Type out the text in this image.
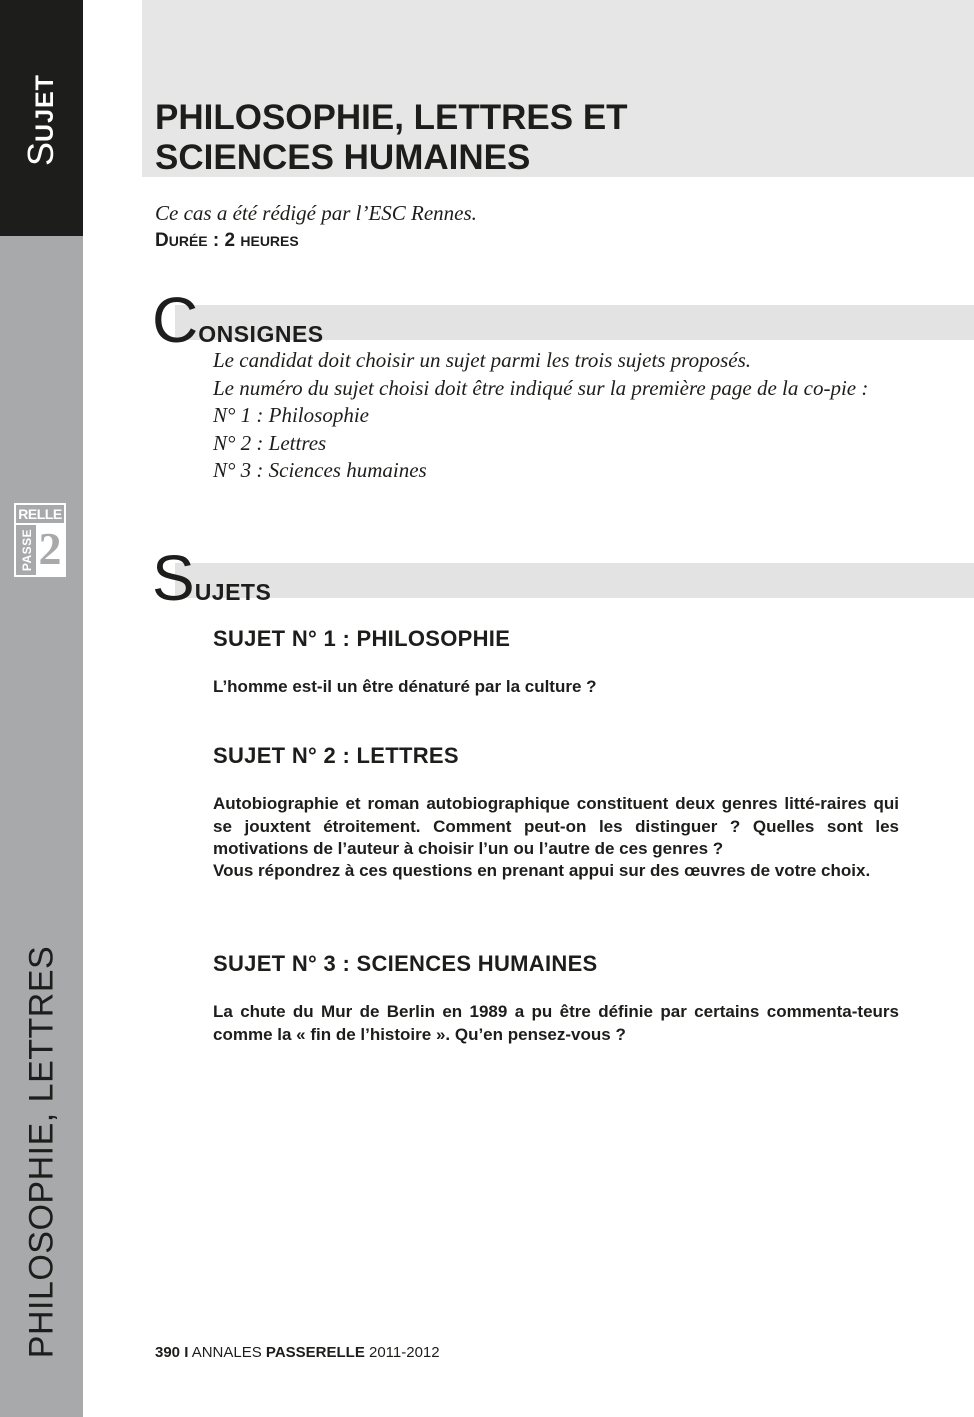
SUJET
RELLE
PASSE 2
PHILOSOPHIE, LETTRES
PHILOSOPHIE, LETTRES ET
SCIENCES HUMAINES
Ce cas a été rédigé par l’ESC Rennes.
DURÉE : 2 HEURES
CONSIGNES

Le candidat doit choisir un sujet parmi les trois sujets proposés.

Le numéro du sujet choisi doit être indiqué sur la première page de la co-pie :

N° 1 : Philosophie

N° 2 : Lettres

N° 3 : Sciences humaines

SUJETS
SUJET N° 1 : PHILOSOPHIE

L’homme est-il un être dénaturé par la culture ?

SUJET N° 2 : LETTRES

Autobiographie et roman autobiographique constituent deux genres litté-raires qui se jouxtent étroitement. Comment peut-on les distinguer ? Quelles sont les motivations de l’auteur à choisir l’un ou l’autre de ces genres ?

Vous répondrez à ces questions en prenant appui sur des œuvres de votre choix.

SUJET N° 3 : SCIENCES HUMAINES

La chute du Mur de Berlin en 1989 a pu être définie par certains commenta-teurs comme la « fin de l’histoire ». Qu’en pensez-vous ?

390 I ANNALES PASSERELLE 2011-2012
